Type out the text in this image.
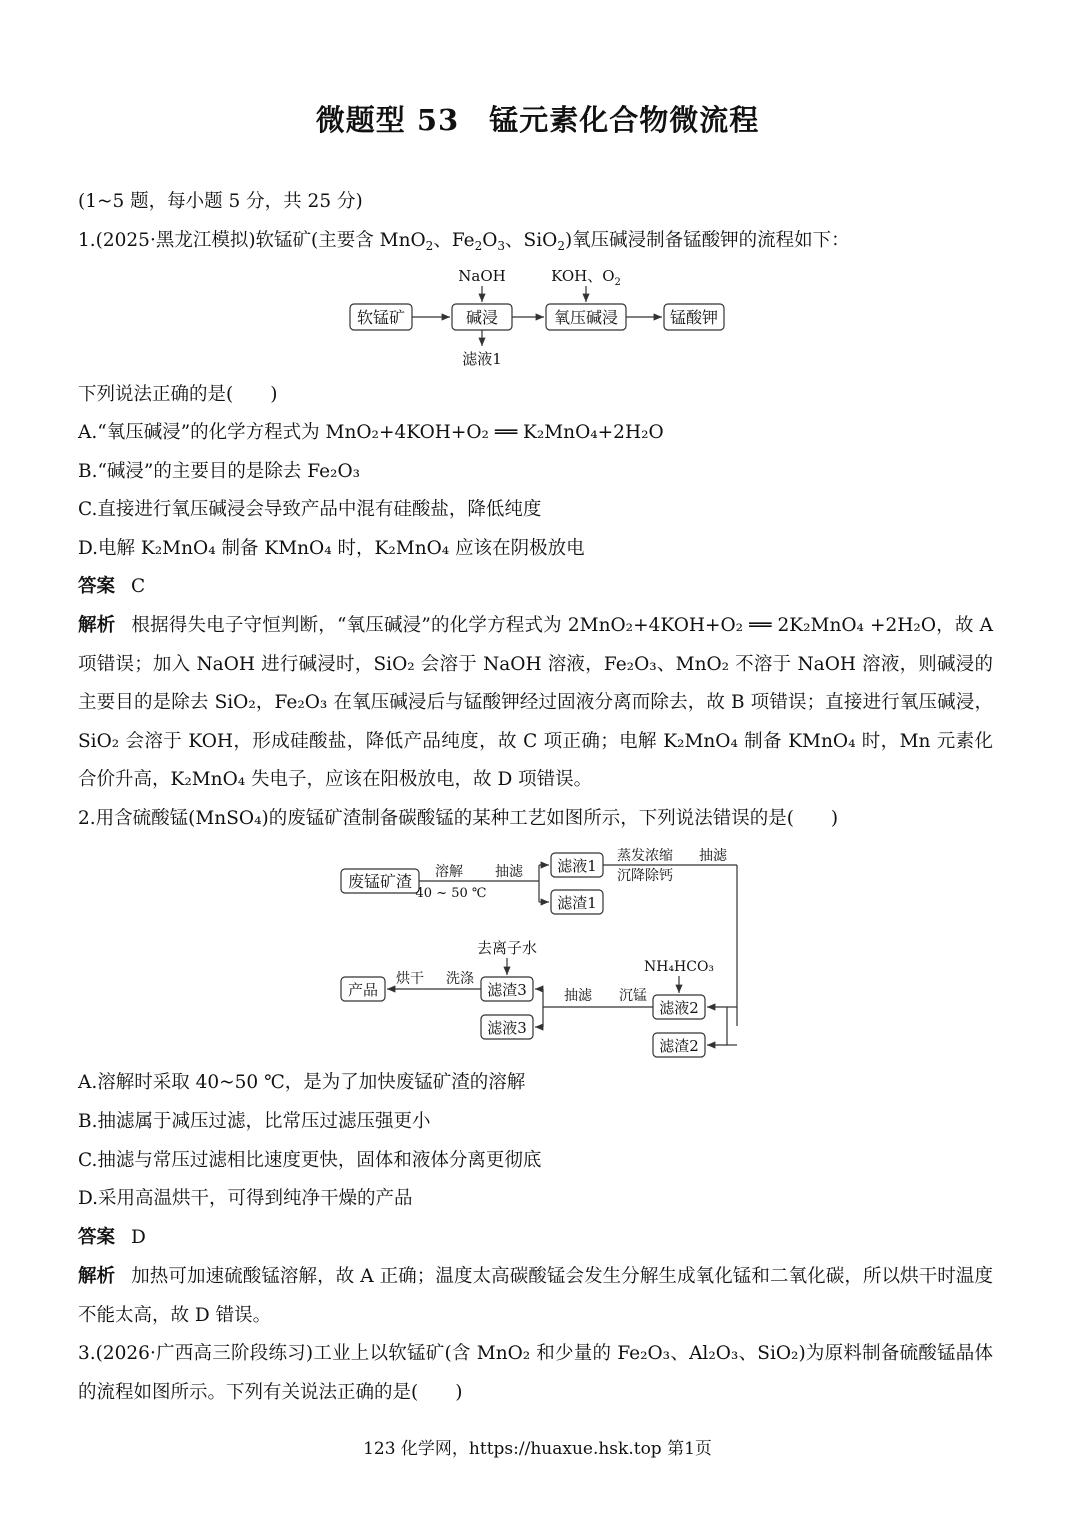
微题型 53　锰元素化合物微流程
(1~5 题，每小题 5 分，共 25 分)
1.(2025·黑龙江模拟)软锰矿(主要含 MnO$_2$、$Fe_2O_3$、SiO$_2$)氧压碱浸制备锰酸钾的流程如下：
软锰矿	碱浸	氧压碱浸	锰酸钾
NaOH	KOH、$O_2$
滤液1
下列说法正确的是(　　)
A.“氧压碱浸”的化学方程式为 MnO₂+4KOH+O₂ ══ K₂MnO₄+2H₂O
B.“碱浸”的主要目的是除去 Fe₂O₃
C.直接进行氧压碱浸会导致产品中混有硅酸盐，降低纯度
D.电解 K₂MnO₄ 制备 KMnO₄ 时，K₂MnO₄ 应该在阴极放电
答案 C
解析 根据得失电子守恒判断，“氧压碱浸”的化学方程式为 2MnO₂+4KOH+O₂ ══ 2K₂MnO₄ +2H₂O，故 A 项错误；加入 NaOH 进行碱浸时，SiO₂ 会溶于 NaOH 溶液，Fe₂O₃、MnO₂ 不溶于 NaOH 溶液，则碱浸的主要目的是除去 SiO₂，Fe₂O₃ 在氧压碱浸后与锰酸钾经过固液分离而除去，故 B 项错误；直接进行氧压碱浸，SiO₂ 会溶于 KOH，形成硅酸盐，降低产品纯度，故 C 项正确；电解 K₂MnO₄ 制备 KMnO₄ 时，Mn 元素化合价升高，K₂MnO₄ 失电子，应该在阳极放电，故 D 项错误。
2.用含硫酸锰(MnSO₄)的废锰矿渣制备碳酸锰的某种工艺如图所示，下列说法错误的是(　　)
废锰矿渣 溶解
40 ~ 50 ℃
抽滤 滤液1
滤渣1
蒸发浓缩
沉降除钙
抽滤
NH₄HCO₃
滤液2
滤渣2
沉锰
抽滤
去离子水
滤渣3
滤液3
洗涤
烘干
产品
A.溶解时采取 40~50 ℃，是为了加快废锰矿渣的溶解
B.抽滤属于减压过滤，比常压过滤压强更小
C.抽滤与常压过滤相比速度更快，固体和液体分离更彻底
D.采用高温烘干，可得到纯净干燥的产品
答案 D
解析 加热可加速硫酸锰溶解，故 A 正确；温度太高碳酸锰会发生分解生成氧化锰和二氧化碳，所以烘干时温度不能太高，故 D 错误。
3.(2026·广西高三阶段练习)工业上以软锰矿(含 MnO₂ 和少量的 Fe₂O₃、Al₂O₃、SiO₂)为原料制备硫酸锰晶体的流程如图所示。下列有关说法正确的是(　　)
123 化学网，https://huaxue.hsk.top 第1页
